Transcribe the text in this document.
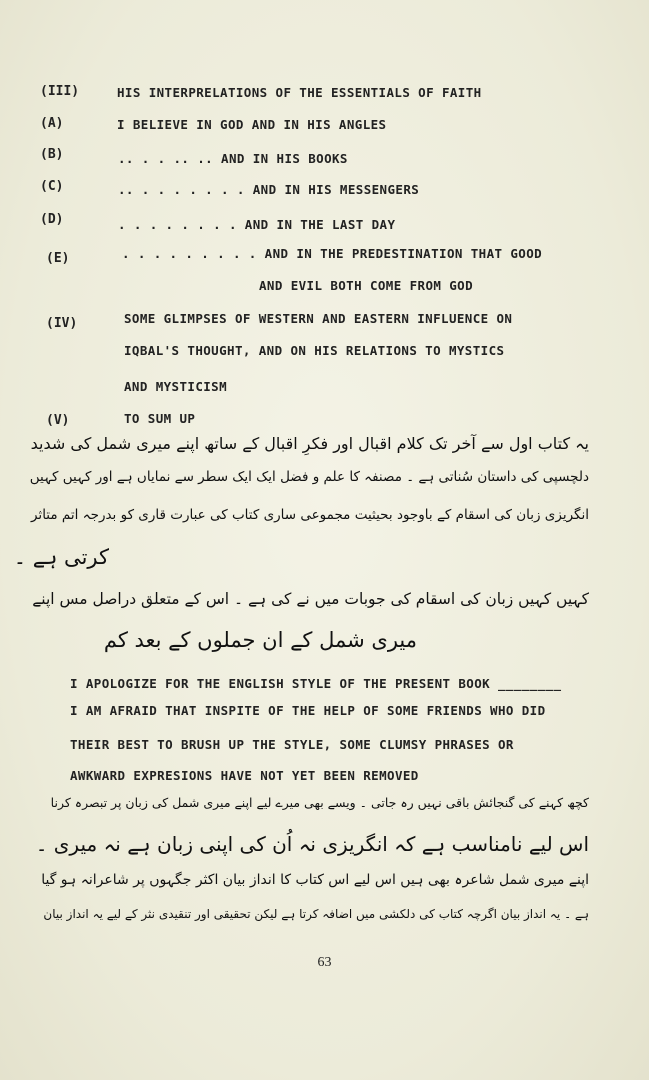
(III)	HIS INTERPRELATIONS OF THE ESSENTIALS OF FAITH
(A)	I BELIEVE IN GOD AND IN HIS ANGLES
(B)	.. . . .. .. AND IN HIS BOOKS
(C)	.. . . . . . . . AND IN HIS MESSENGERS
(D)	. . . . . . . . AND IN THE LAST DAY
(E)	. . . . . . . . . AND IN THE PREDESTINATION THAT GOOD
AND EVIL BOTH COME FROM GOD
(IV)	SOME GLIMPSES OF WESTERN AND EASTERN INFLUENCE ON
IQBAL'S THOUGHT, AND ON HIS RELATIONS TO MYSTICS
AND MYSTICISM
(V)	TO SUM UP
یہ کتاب اول سے آخر تک کلام اقبال اور فکرِ اقبال کے ساتھ اپنے میری شمل کی شدید
دلچسپی کی داستان سُناتی ہے ۔ مصنفہ کا علم و فضل ایک ایک سطر سے نمایاں ہے اور کہیں کہیں
انگریزی زبان کی اسقام کے باوجود بحیثیت مجموعی ساری کتاب کی عبارت قاری کو بدرجہ اتم متاثر
کرتی ہے ۔
کہیں کہیں زبان کی اسقام کی جوبات میں نے کی ہے ۔ اس کے متعلق دراصل مس اپنے
میری شمل کے ان جملوں کے بعد کم
I APOLOGIZE FOR THE ENGLISH STYLE OF THE PRESENT BOOK ________
I AM AFRAID THAT INSPITE OF THE HELP OF SOME FRIENDS WHO DID
THEIR BEST TO BRUSH UP THE STYLE, SOME CLUMSY PHRASES OR
AWKWARD EXPRESIONS HAVE NOT YET BEEN REMOVED
کچھ کہنے کی گنجائش باقی نہیں رہ جاتی ۔ ویسے بھی میرے لیے اپنے میری شمل کی زبان پر تبصرہ کرنا
اس لیے نامناسب ہے کہ انگریزی نہ اُن کی اپنی زبان ہے نہ میری ۔
اپنے میری شمل شاعرہ بھی ہیں اس لیے اس کتاب کا انداز بیان اکثر جگہوں پر شاعرانہ ہو گیا
ہے ۔ یہ انداز بیان اگرچہ کتاب کی دلکشی میں اضافہ کرتا ہے لیکن تحقیقی اور تنقیدی نثر کے لیے یہ انداز بیان
63
